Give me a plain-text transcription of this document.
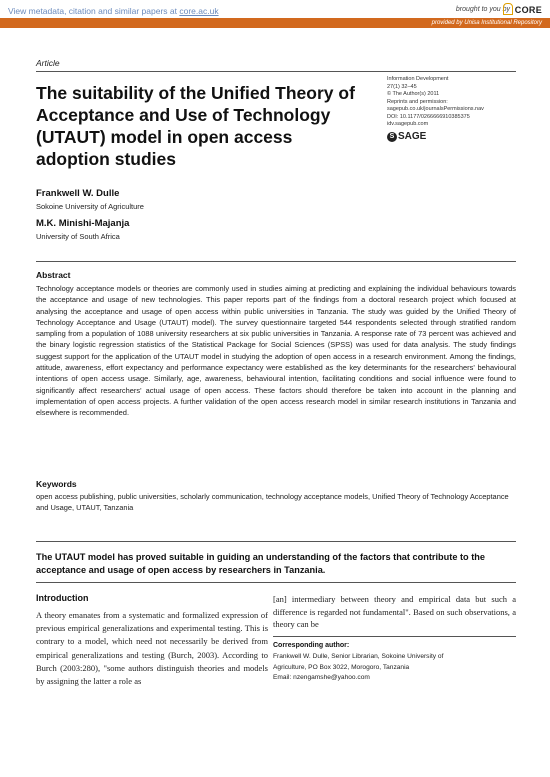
View metadata, citation and similar papers at core.ac.uk	brought to you by CORE
provided by Unisa Institutional Repository
Article
The suitability of the Unified Theory of Acceptance and Use of Technology (UTAUT) model in open access adoption studies
Information Development
27(1) 32–45
© The Author(s) 2011
Reprints and permission:
sagepub.co.uk/journalsPermissions.nav
DOI: 10.1177/0266666910385375
idv.sagepub.com
S SAGE
Frankwell W. Dulle
Sokoine University of Agriculture
M.K. Minishi-Majanja
University of South Africa
Abstract
Technology acceptance models or theories are commonly used in studies aiming at predicting and explaining the individual behaviours towards the acceptance and usage of new technologies. This paper reports part of the findings from a doctoral research project which focused at analysing the acceptance and usage of open access within public universities in Tanzania. The study was guided by the Unified Theory of Technology Acceptance and Usage (UTAUT) model). The survey questionnaire targeted 544 respondents selected through stratified random sampling from a population of 1088 university researchers at six public universities in Tanzania. A response rate of 73 percent was achieved and the binary logistic regression statistics of the Statistical Package for Social Sciences (SPSS) was used for data analysis. The study findings suggest support for the application of the UTAUT model in studying the adoption of open access in a research environment. Among the findings, attitude, awareness, effort expectancy and performance expectancy were established as the key determinants for the researchers' behavioural intentions of open access usage. Similarly, age, awareness, behavioural intention, facilitating conditions and social influence were found to significantly affect researchers' actual usage of open access. These factors should therefore be taken into account in the planning and implementation of open access projects. A further validation of the open access research model in similar research institutions in Tanzania and elsewhere is recommended.
Keywords
open access publishing, public universities, scholarly communication, technology acceptance models, Unified Theory of Technology Acceptance and Usage, UTAUT, Tanzania
The UTAUT model has proved suitable in guiding an understanding of the factors that contribute to the acceptance and usage of open access by researchers in Tanzania.
Introduction
A theory emanates from a systematic and formalized expression of previous empirical generalizations and experimental testing. This is contrary to a model, which need not necessarily be derived from empirical generalizations and testing (Burch, 2003). According to Burch (2003:280), "some authors distinguish theories and models by assigning the latter a role as
[an] intermediary between theory and empirical data but such a difference is regarded not fundamental". Based on such observations, a theory can be
Corresponding author:
Frankwell W. Dulle, Senior Librarian, Sokoine University of
Agriculture, PO Box 3022, Morogoro, Tanzania
Email: nzengamshe@yahoo.com
